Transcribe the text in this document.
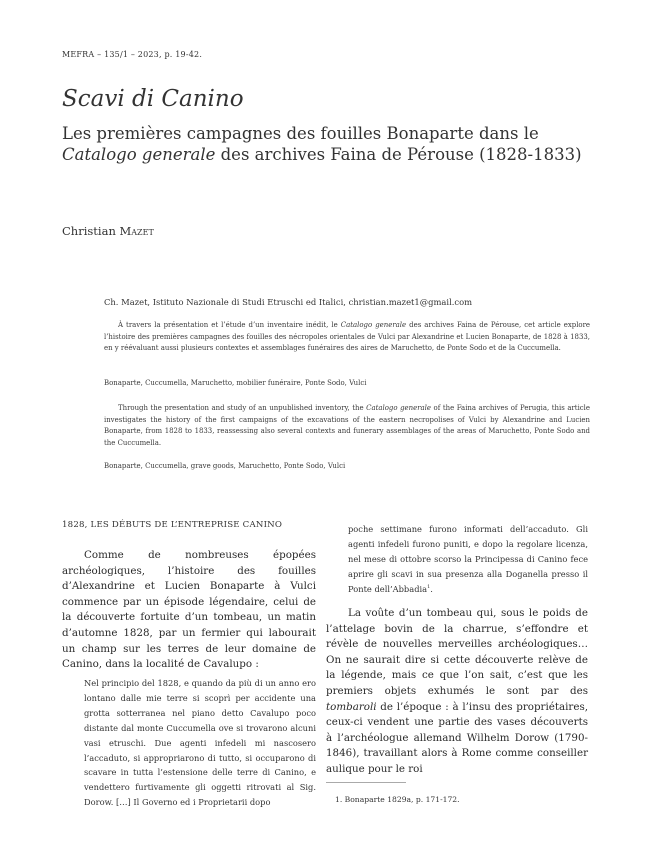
MEFRA – 135/1 – 2023, p. 19-42.
Scavi di Canino
Les premières campagnes des fouilles Bonaparte dans le Catalogo generale des archives Faina de Pérouse (1828-1833)
Christian Mazet
Ch. Mazet, Istituto Nazionale di Studi Etruschi ed Italici, christian.mazet1@gmail.com

À travers la présentation et l’étude d’un inventaire inédit, le Catalogo generale des archives Faina de Pérouse, cet article explore l’histoire des premières campagnes des fouilles des nécropoles orientales de Vulci par Alexandrine et Lucien Bonaparte, de 1828 à 1833, en y réévaluant aussi plusieurs contextes et assemblages funéraires des aires de Maruchetto, de Ponte Sodo et de la Cuccumella.

Bonaparte, Cuccumella, Maruchetto, mobilier funéraire, Ponte Sodo, Vulci

Through the presentation and study of an unpublished inventory, the Catalogo generale of the Faina archives of Perugia, this article investigates the history of the first campaigns of the excavations of the eastern necropolises of Vulci by Alexandrine and Lucien Bonaparte, from 1828 to 1833, reassessing also several contexts and funerary assemblages of the areas of Maruchetto, Ponte Sodo and the Cuccumella.

Bonaparte, Cuccumella, grave goods, Maruchetto, Ponte Sodo, Vulci
1828, LES DÉBUTS DE L’ENTREPRISE CANINO

Comme de nombreuses épopées archéologiques, l’histoire des fouilles d’Alexandrine et Lucien Bonaparte à Vulci commence par un épisode légendaire, celui de la découverte fortuite d’un tombeau, un matin d’automne 1828, par un fermier qui labourait un champ sur les terres de leur domaine de Canino, dans la localité de Cavalupo :

Nel principio del 1828, e quando da più di un anno ero lontano dalle mie terre si scoprì per accidente una grotta sotterranea nel piano detto Cavalupo poco distante dal monte Cuccumella ove si trovarono alcuni vasi etruschi. Due agenti infedeli mi nascosero l’accaduto, si appropriarono di tutto, si occuparono di scavare in tutta l’estensione delle terre di Canino, e vendettero furtivamente gli oggetti ritrovati al Sig. Dorow. […] Il Governo ed i Proprietarii dopo
poche settimane furono informati dell’accaduto. Gli agenti infedeli furono puniti, e dopo la regolare licenza, nel mese di ottobre scorso la Principessa di Canino fece aprire gli scavi in sua presenza alla Doganella presso il Ponte dell’Abbadia$^1$.

La voûte d’un tombeau qui, sous le poids de l’attelage bovin de la charrue, s’effondre et révèle de nouvelles merveilles archéologiques… On ne saurait dire si cette découverte relève de la légende, mais ce que l’on sait, c’est que les premiers objets exhumés le sont par des tombaroli de l’époque : à l’insu des propriétaires, ceux-ci vendent une partie des vases découverts à l’archéologue allemand Wilhelm Dorow (1790-1846), travaillant alors à Rome comme conseiller aulique pour le roi

1. Bonaparte 1829a, p. 171-172.
